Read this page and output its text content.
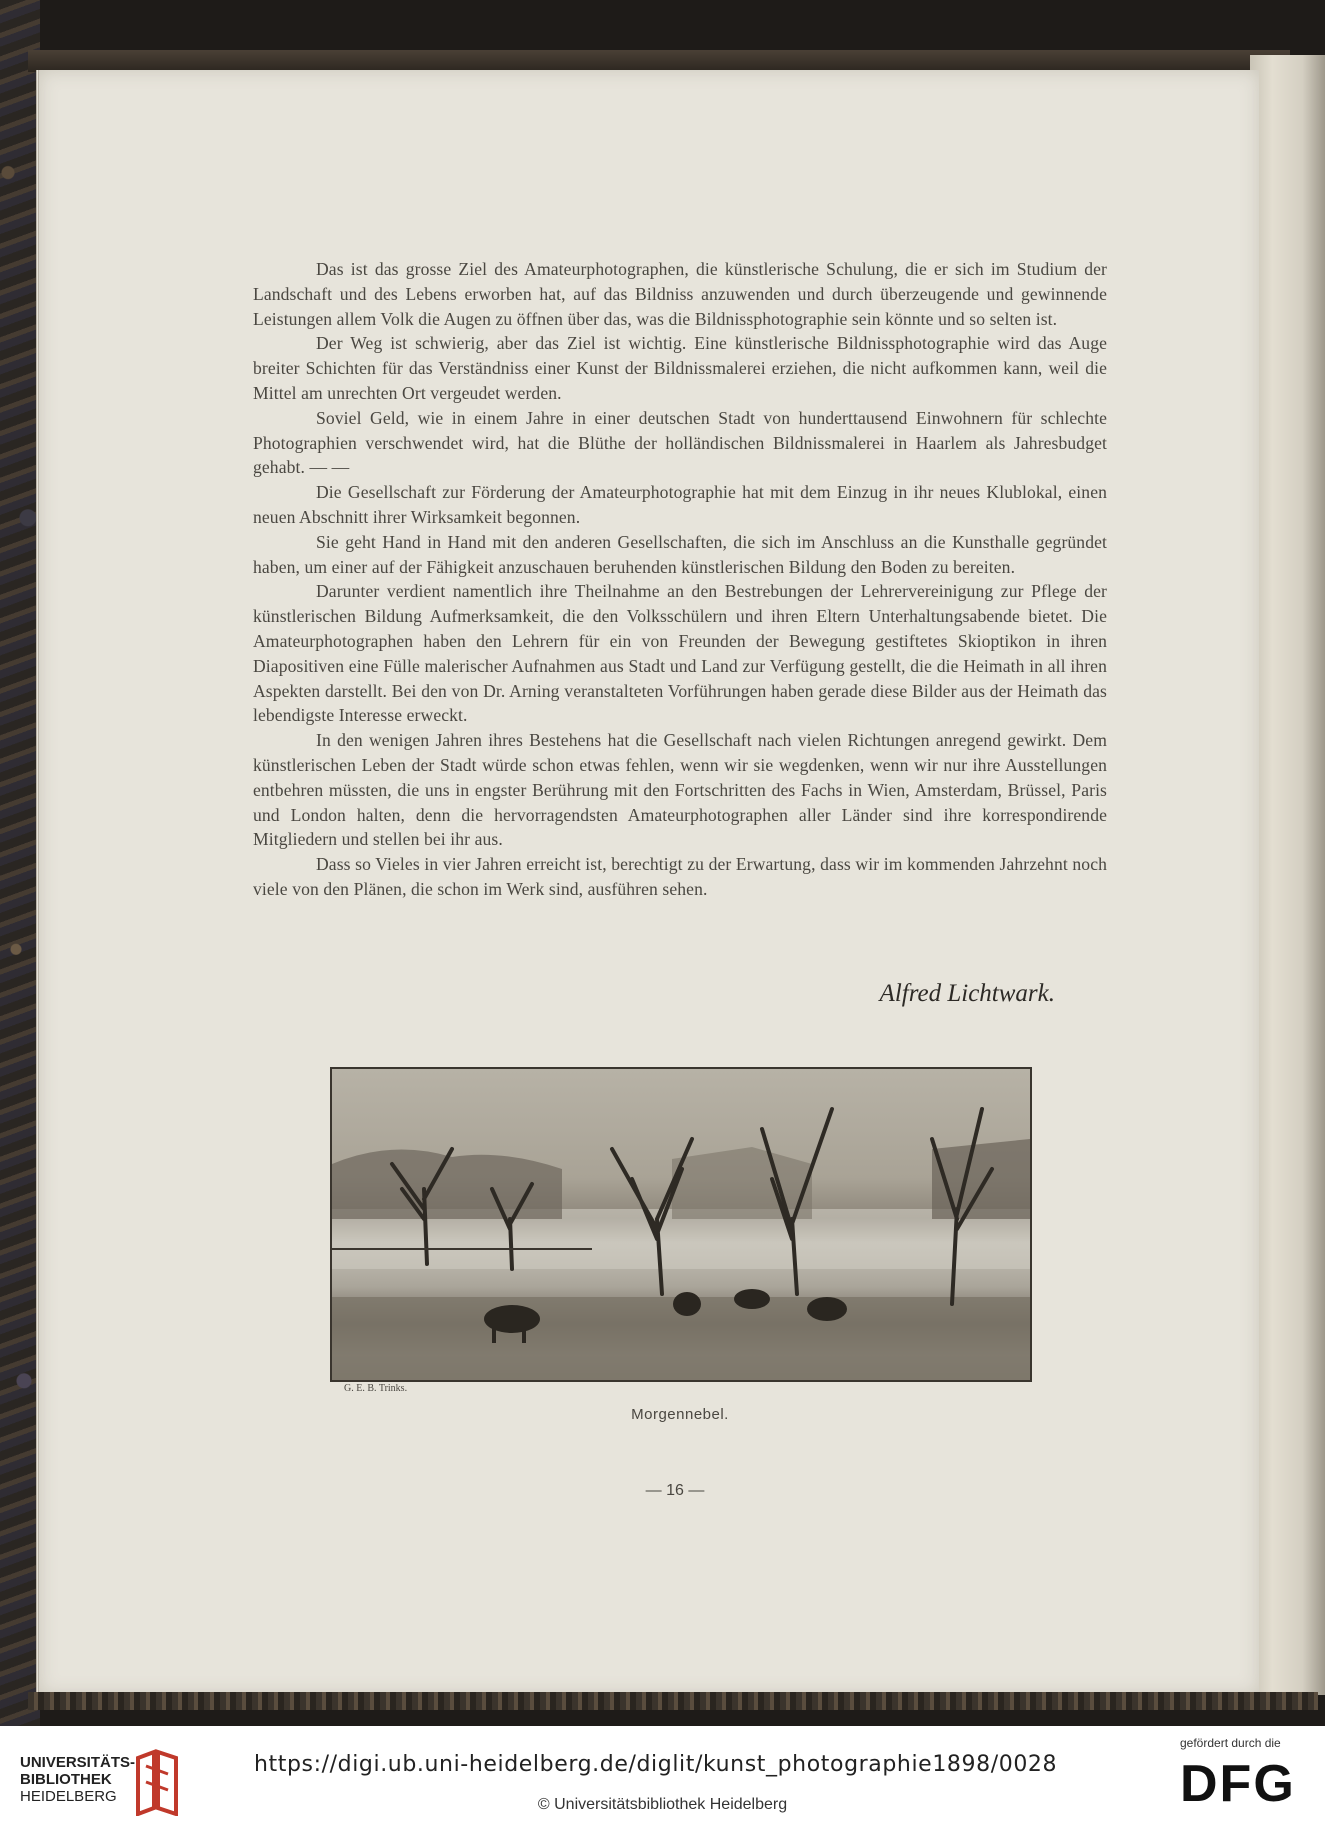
Das ist das grosse Ziel des Amateurphotographen, die künstlerische Schulung, die er sich im Studium der Landschaft und des Lebens erworben hat, auf das Bildniss anzuwenden und durch überzeugende und gewinnende Leistungen allem Volk die Augen zu öffnen über das, was die Bildnissphotographie sein könnte und so selten ist.

Der Weg ist schwierig, aber das Ziel ist wichtig. Eine künstlerische Bildnissphotographie wird das Auge breiter Schichten für das Verständniss einer Kunst der Bildnissmalerei erziehen, die nicht aufkommen kann, weil die Mittel am unrechten Ort vergeudet werden.

Soviel Geld, wie in einem Jahre in einer deutschen Stadt von hunderttausend Einwohnern für schlechte Photographien verschwendet wird, hat die Blüthe der holländischen Bildnissmalerei in Haarlem als Jahresbudget gehabt. — —

Die Gesellschaft zur Förderung der Amateurphotographie hat mit dem Einzug in ihr neues Klublokal, einen neuen Abschnitt ihrer Wirksamkeit begonnen.

Sie geht Hand in Hand mit den anderen Gesellschaften, die sich im Anschluss an die Kunsthalle gegründet haben, um einer auf der Fähigkeit anzuschauen beruhenden künstlerischen Bildung den Boden zu bereiten.

Darunter verdient namentlich ihre Theilnahme an den Bestrebungen der Lehrervereinigung zur Pflege der künstlerischen Bildung Aufmerksamkeit, die den Volksschülern und ihren Eltern Unterhaltungsabende bietet. Die Amateurphotographen haben den Lehrern für ein von Freunden der Bewegung gestiftetes Skioptikon in ihren Diapositiven eine Fülle malerischer Aufnahmen aus Stadt und Land zur Verfügung gestellt, die die Heimath in all ihren Aspekten darstellt. Bei den von Dr. Arning veranstalteten Vorführungen haben gerade diese Bilder aus der Heimath das lebendigste Interesse erweckt.

In den wenigen Jahren ihres Bestehens hat die Gesellschaft nach vielen Richtungen anregend gewirkt. Dem künstlerischen Leben der Stadt würde schon etwas fehlen, wenn wir sie wegdenken, wenn wir nur ihre Ausstellungen entbehren müssten, die uns in engster Berührung mit den Fortschritten des Fachs in Wien, Amsterdam, Brüssel, Paris und London halten, denn die hervorragendsten Amateurphotographen aller Länder sind ihre korrespondirende Mitgliedern und stellen bei ihr aus.

Dass so Vieles in vier Jahren erreicht ist, berechtigt zu der Erwartung, dass wir im kommenden Jahrzehnt noch viele von den Plänen, die schon im Werk sind, ausführen sehen.

Alfred Lichtwark.
G. E. B. Trinks.
Morgennebel.
— 16 —
UNIVERSITÄTS-
BIBLIOTHEK
HEIDELBERG
https://digi.ub.uni-heidelberg.de/diglit/kunst_photographie1898/0028
© Universitätsbibliothek Heidelberg
gefördert durch die
DFG
